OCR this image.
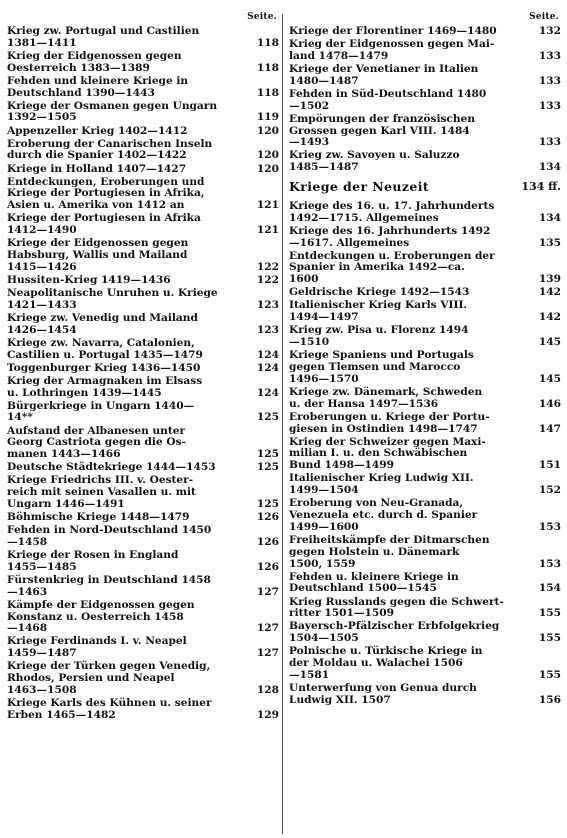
Seite.
Krieg zw. Portugal und Castilien
1381—1411	118
Krieg der Eidgenossen gegen
Oesterreich 1383—1389	118
Fehden und kleinere Kriege in
Deutschland 1390—1443	118
Kriege der Osmanen gegen Ungarn
1392—1505	119
Appenzeller Krieg 1402—1412	120
Eroberung der Canarischen Inseln
durch die Spanier 1402—1422	120
Kriege in Holland 1407—1427	120
Entdeckungen, Eroberungen und
Kriege der Portugiesen in Afrika,
Asien u. Amerika von 1412 an	121
Kriege der Portugiesen in Afrika
1412—1490	121
Kriege der Eidgenossen gegen
Habsburg, Wallis und Mailand
1415—1426	122
Hussiten-Krieg 1419—1436	122
Neapolitanische Unruhen u. Kriege
1421—1433	123
Kriege zw. Venedig und Mailand
1426—1454	123
Kriege zw. Navarra, Catalonien,
Castilien u. Portugal 1435—1479	124
Toggenburger Krieg 1436—1450	124
Krieg der Armagnaken im Elsass
u. Lothringen 1439—1445	124
Bürgerkriege in Ungarn 1440—
14**	125
Aufstand der Albanesen unter
Georg Castriota gegen die Os-
manen 1443—1466	125
Deutsche Städtekriege 1444—1453	125
Kriege Friedrichs III. v. Oester-
reich mit seinen Vasallen u. mit
Ungarn 1446—1491	125
Böhmische Kriege 1448—1479	126
Fehden in Nord-Deutschland 1450
—1458	126
Kriege der Rosen in England
1455—1485	126
Fürstenkrieg in Deutschland 1458
—1463	127
Kämpfe der Eidgenossen gegen
Konstanz u. Oesterreich 1458
—1468	127
Kriege Ferdinands I. v. Neapel
1459—1487	127
Kriege der Türken gegen Venedig,
Rhodos, Persien und Neapel
1463—1508	128
Kriege Karls des Kühnen u. seiner
Erben 1465—1482	129
Seite.
Kriege der Florentiner 1469—1480	132
Krieg der Eidgenossen gegen Mai-
land 1478—1479	133
Kriege der Venetianer in Italien
1480—1487	133
Fehden in Süd-Deutschland 1480
—1502	133
Empörungen der französischen
Grossen gegen Karl VIII. 1484
—1493	133
Krieg zw. Savoyen u. Saluzzo
1485—1487	134
Kriege der Neuzeit	134 ff.
Kriege des 16. u. 17. Jahrhunderts
1492—1715. Allgemeines	134
Kriege des 16. Jahrhunderts 1492
—1617. Allgemeines	135
Entdeckungen u. Eroberungen der
Spanier in Amerika 1492—ca.
1600	139
Geldrische Kriege 1492—1543	142
Italienischer Krieg Karls VIII.
1494—1497	142
Krieg zw. Pisa u. Florenz 1494
—1510	145
Kriege Spaniens und Portugals
gegen Tlemsen und Marocco
1496—1570	145
Kriege zw. Dänemark, Schweden
u. der Hansa 1497—1536	146
Eroberungen u. Kriege der Portu-
giesen in Ostindien 1498—1747	147
Krieg der Schweizer gegen Maxi-
milian I. u. den Schwäbischen
Bund 1498—1499	151
Italienischer Krieg Ludwig XII.
1499—1504	152
Eroberung von Neu-Granada,
Venezuela etc. durch d. Spanier
1499—1600	153
Freiheitskämpfe der Ditmarschen
gegen Holstein u. Dänemark
1500, 1559	153
Fehden u. kleinere Kriege in
Deutschland 1500—1545	154
Krieg Russlands gegen die Schwert-
ritter 1501—1509	155
Bayersch-Pfälzischer Erbfolgekrieg
1504—1505	155
Polnische u. Türkische Kriege in
der Moldau u. Walachei 1506
—1581	155
Unterwerfung von Genua durch
Ludwig XII. 1507	156
